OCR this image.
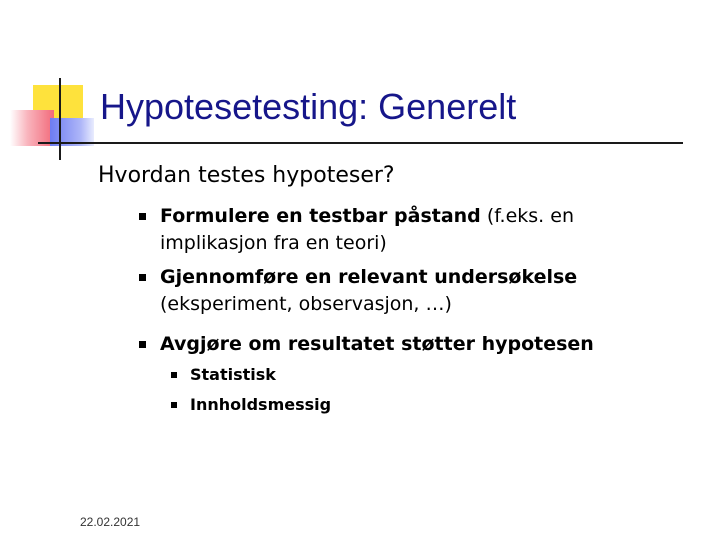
Hypotesetesting: Generelt
Hvordan testes hypoteser?
Formulere en testbar påstand (f.eks. en implikasjon fra en teori)
Gjennomføre en relevant undersøkelse (eksperiment, observasjon, …)
Avgjøre om resultatet støtter hypotesen
Statistisk
Innholdsmessig
22.02.2021
